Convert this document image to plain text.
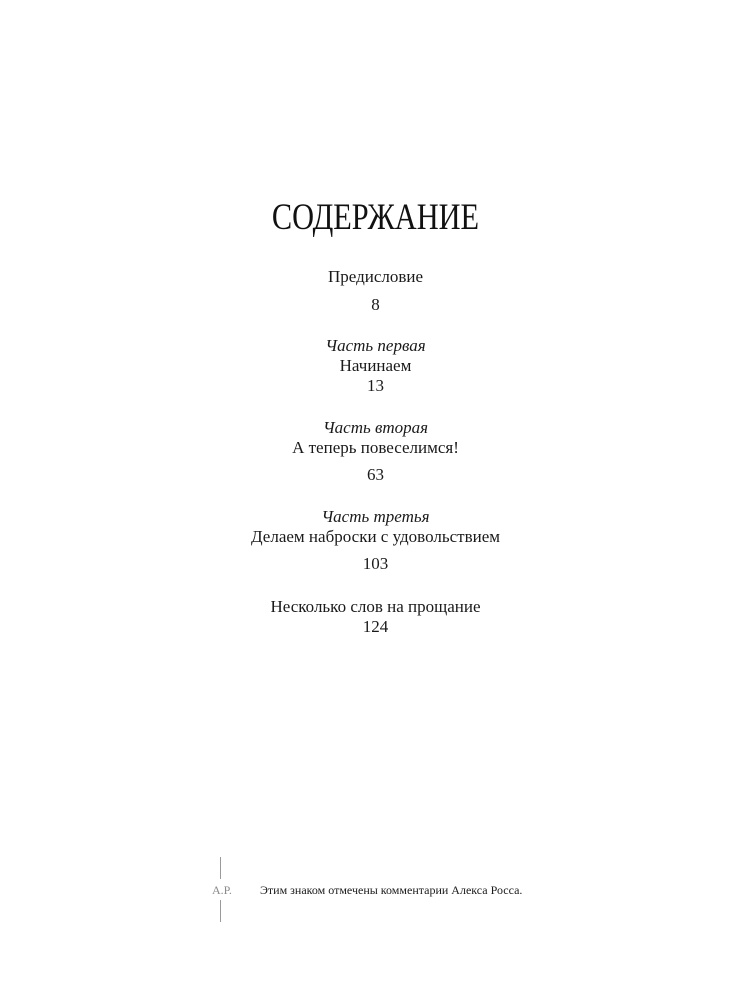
СОДЕРЖАНИЕ
Предисловие
8
Часть первая
Начинаем
13
Часть вторая
А теперь повеселимся!
63
Часть третья
Делаем наброски с удовольствием
103
Несколько слов на прощание
124
А.Р. Этим знаком отмечены комментарии Алекса Росса.
